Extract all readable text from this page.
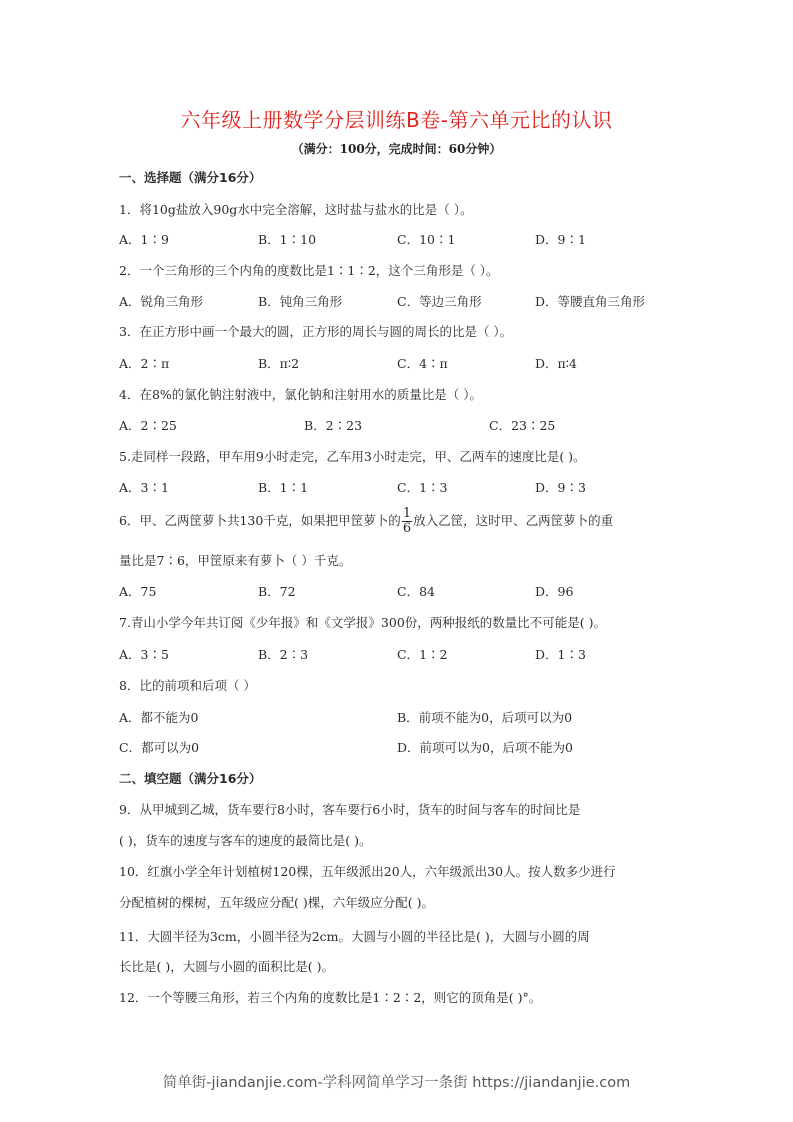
六年级上册数学分层训练B卷-第六单元比的认识
（满分：100分，完成时间：60分钟）
一、选择题（满分16分）
1．将10g盐放入90g水中完全溶解，这时盐与盐水的比是（ ）。
A．1∶9	B．1∶10	C．10∶1	D．9∶1
2．一个三角形的三个内角的度数比是1∶1∶2，这个三角形是（ ）。
A．锐角三角形	B．钝角三角形	C．等边三角形	D．等腰直角三角形
3．在正方形中画一个最大的圆，正方形的周长与圆的周长的比是（ ）。
A．2∶π	B．π∶2	C．4∶π	D．π∶4
4．在8%的氯化钠注射液中，氯化钠和注射用水的质量比是（ ）。
A．2∶25	B．2∶23	C．23∶25
5.走同样一段路，甲车用9小时走完，乙车用3小时走完，甲、乙两车的速度比是( )。
A．3∶1	B．1∶1	C．1∶3	D．9∶3
6．甲、乙两筐萝卜共130千克，如果把甲筐萝卜的 $\frac{1}{6}$ 放入乙筐，这时甲、乙两筐萝卜的重
量比是7∶6，甲筐原来有萝卜（ ）千克。
A．75	B．72	C．84	D．96
7.青山小学今年共订阅《少年报》和《文学报》300份，两种报纸的数量比不可能是( )。
A．3∶5	B．2∶3	C．1∶2	D．1∶3
8．比的前项和后项（ ）
A．都不能为0	B．前项不能为0，后项可以为0
C．都可以为0	D．前项可以为0，后项不能为0
二、填空题（满分16分）
9．从甲城到乙城，货车要行8小时，客车要行6小时，货车的时间与客车的时间比是
( )，货车的速度与客车的速度的最简比是( )。
10．红旗小学全年计划植树120棵，五年级派出20人，六年级派出30人。按人数多少进行
分配植树的棵树，五年级应分配( )棵，六年级应分配( )。
11．大圆半径为3cm，小圆半径为2cm。大圆与小圆的半径比是( )，大圆与小圆的周
长比是( )，大圆与小圆的面积比是( )。
12．一个等腰三角形，若三个内角的度数比是1∶2∶2，则它的顶角是( )°。
简单街-jiandanjie.com-学科网简单学习一条街 https://jiandanjie.com
